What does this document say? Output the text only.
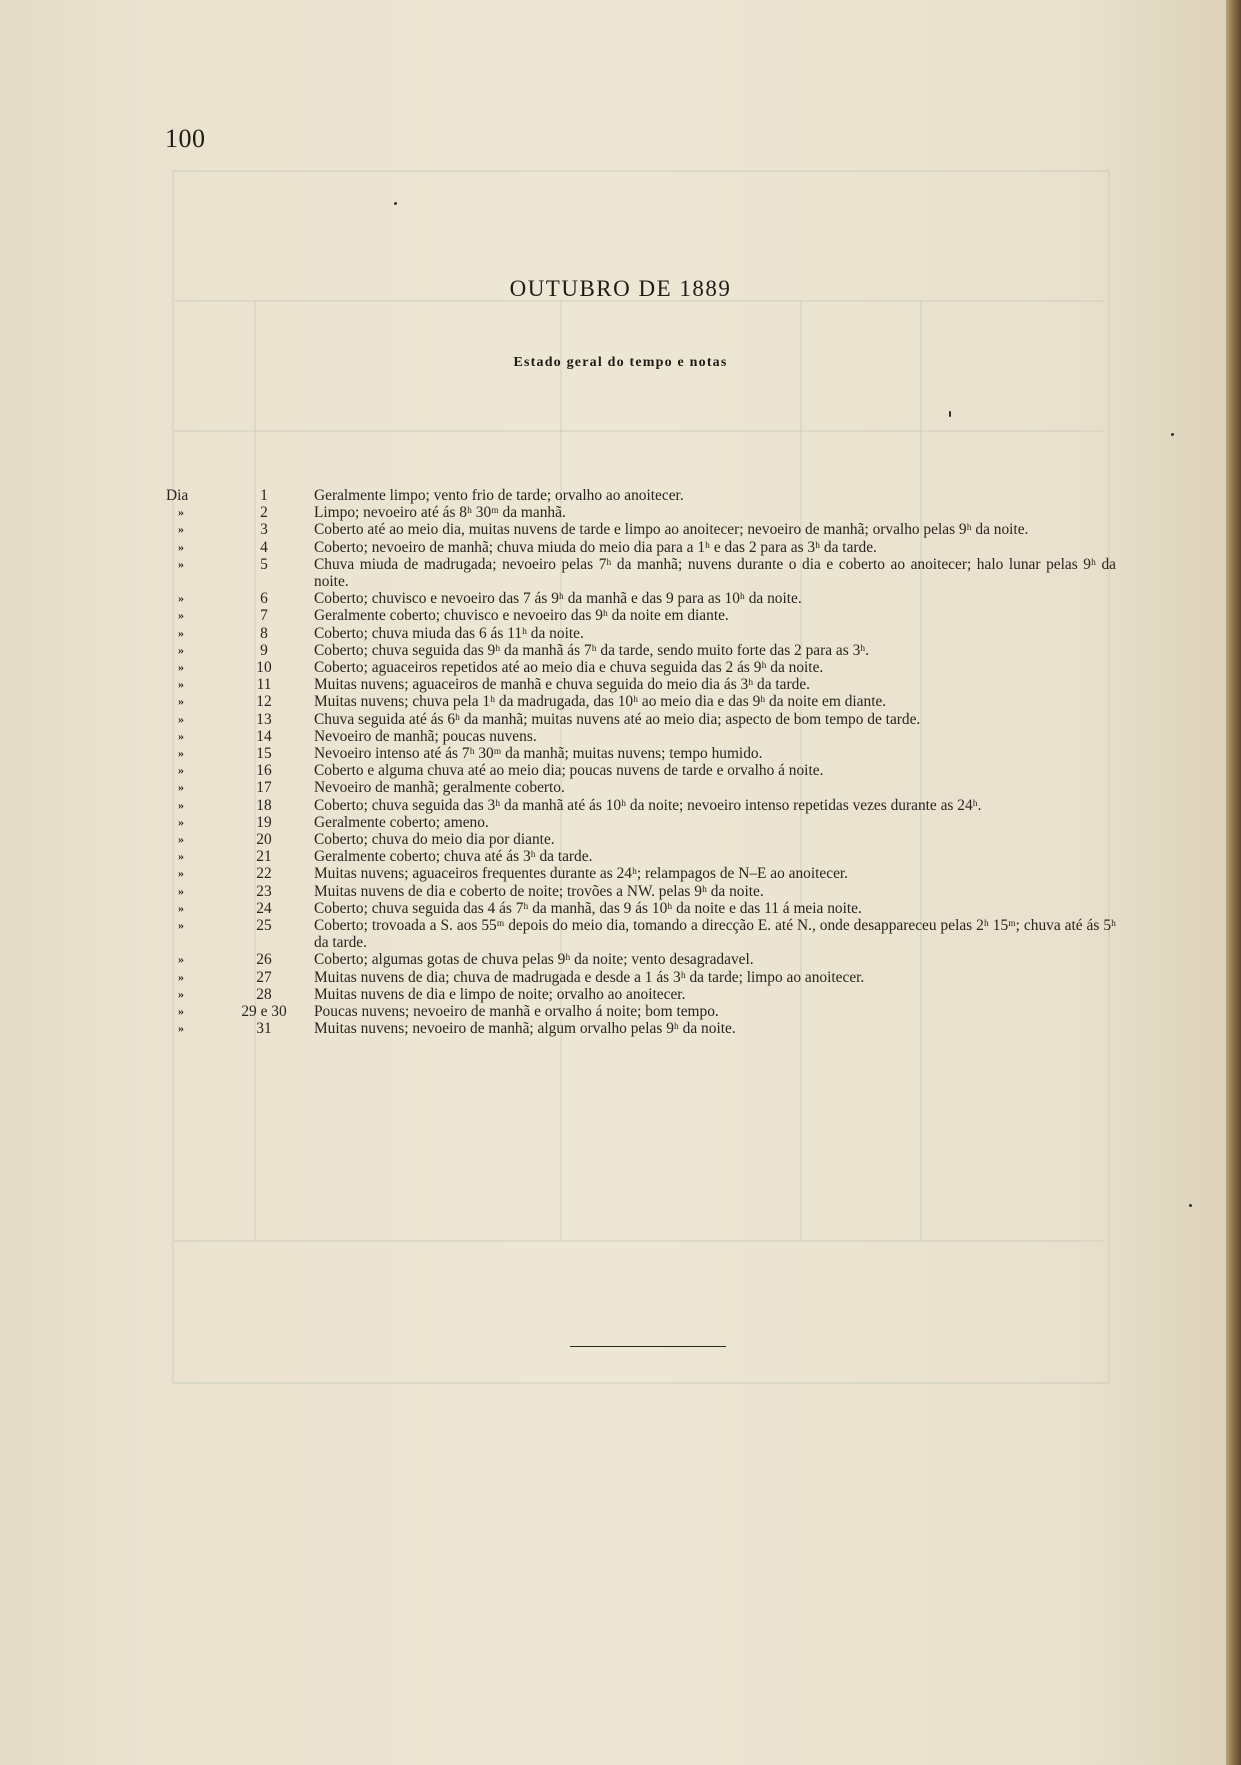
100
OUTUBRO DE 1889
Estado geral do tempo e notas
Dia	1	Geralmente limpo; vento frio de tarde; orvalho ao anoitecer.
»	2	Limpo; nevoeiro até ás 8ʰ 30ᵐ da manhã.
»	3	Coberto até ao meio dia, muitas nuvens de tarde e limpo ao anoitecer; nevoeiro de manhã; orvalho pelas 9ʰ da noite.
»	4	Coberto; nevoeiro de manhã; chuva miuda do meio dia para a 1ʰ e das 2 para as 3ʰ da tarde.
»	5	Chuva miuda de madrugada; nevoeiro pelas 7ʰ da manhã; nuvens durante o dia e coberto ao anoitecer; halo lunar pelas 9ʰ da noite.
»	6	Coberto; chuvisco e nevoeiro das 7 ás 9ʰ da manhã e das 9 para as 10ʰ da noite.
»	7	Geralmente coberto; chuvisco e nevoeiro das 9ʰ da noite em diante.
»	8	Coberto; chuva miuda das 6 ás 11ʰ da noite.
»	9	Coberto; chuva seguida das 9ʰ da manhã ás 7ʰ da tarde, sendo muito forte das 2 para as 3ʰ.
»	10	Coberto; aguaceiros repetidos até ao meio dia e chuva seguida das 2 ás 9ʰ da noite.
»	11	Muitas nuvens; aguaceiros de manhã e chuva seguida do meio dia ás 3ʰ da tarde.
»	12	Muitas nuvens; chuva pela 1ʰ da madrugada, das 10ʰ ao meio dia e das 9ʰ da noite em diante.
»	13	Chuva seguida até ás 6ʰ da manhã; muitas nuvens até ao meio dia; aspecto de bom tempo de tarde.
»	14	Nevoeiro de manhã; poucas nuvens.
»	15	Nevoeiro intenso até ás 7ʰ 30ᵐ da manhã; muitas nuvens; tempo humido.
»	16	Coberto e alguma chuva até ao meio dia; poucas nuvens de tarde e orvalho á noite.
»	17	Nevoeiro de manhã; geralmente coberto.
»	18	Coberto; chuva seguida das 3ʰ da manhã até ás 10ʰ da noite; nevoeiro intenso repetidas vezes durante as 24ʰ.
»	19	Geralmente coberto; ameno.
»	20	Coberto; chuva do meio dia por diante.
»	21	Geralmente coberto; chuva até ás 3ʰ da tarde.
»	22	Muitas nuvens; aguaceiros frequentes durante as 24ʰ; relampagos de N–E ao anoitecer.
»	23	Muitas nuvens de dia e coberto de noite; trovões a NW. pelas 9ʰ da noite.
»	24	Coberto; chuva seguida das 4 ás 7ʰ da manhã, das 9 ás 10ʰ da noite e das 11 á meia noite.
»	25	Coberto; trovoada a S. aos 55ᵐ depois do meio dia, tomando a direcção E. até N., onde desappareceu pelas 2ʰ 15ᵐ; chuva até ás 5ʰ da tarde.
»	26	Coberto; algumas gotas de chuva pelas 9ʰ da noite; vento desagradavel.
»	27	Muitas nuvens de dia; chuva de madrugada e desde a 1 ás 3ʰ da tarde; limpo ao anoitecer.
»	28	Muitas nuvens de dia e limpo de noite; orvalho ao anoitecer.
»	29 e 30	Poucas nuvens; nevoeiro de manhã e orvalho á noite; bom tempo.
»	31	Muitas nuvens; nevoeiro de manhã; algum orvalho pelas 9ʰ da noite.
